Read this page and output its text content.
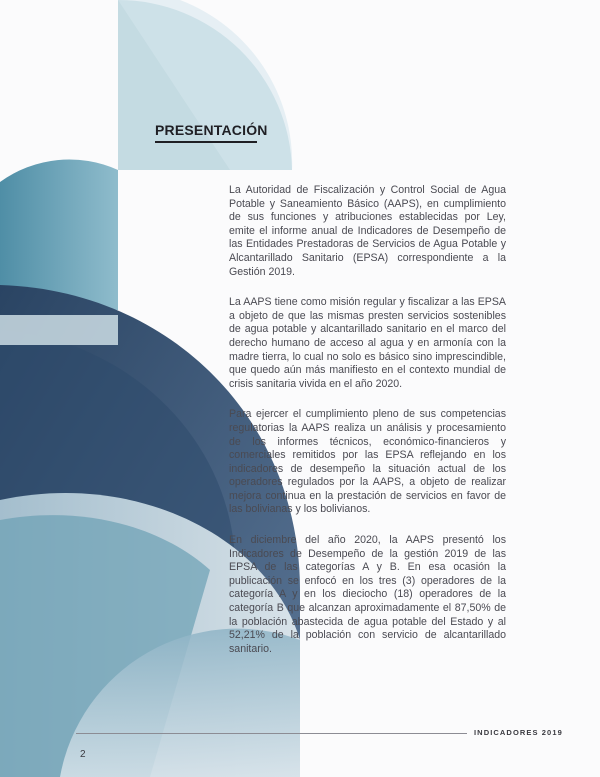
PRESENTACIÓN

La Autoridad de Fiscalización y Control Social de Agua Potable y Saneamiento Básico (AAPS), en cumplimiento de sus funciones y atribuciones establecidas por Ley, emite el informe anual de Indicadores de Desempeño de las Entidades Prestadoras de Servicios de Agua Potable y Alcantarillado Sanitario (EPSA) correspondiente a la Gestión 2019.

La AAPS tiene como misión regular y fiscalizar a las EPSA a objeto de que las mismas presten servicios sostenibles de agua potable y alcantarillado sanitario en el marco del derecho humano de acceso al agua y en armonía con la madre tierra, lo cual no solo es básico sino imprescindible, que quedo aún más manifiesto en el contexto mundial de crisis sanitaria vivida en el año 2020.

Para ejercer el cumplimiento pleno de sus competencias regulatorias la AAPS realiza un análisis y procesamiento de los informes técnicos, económico-financieros y comerciales remitidos por las EPSA reflejando en los indicadores de desempeño la situación actual de los operadores regulados por la AAPS, a objeto de realizar mejora continua en la prestación de servicios en favor de las bolivianas y los bolivianos.

En diciembre del año 2020, la AAPS presentó los Indicadores de Desempeño de la gestión 2019 de las EPSA de las categorías A y B. En esa ocasión la publicación se enfocó en los tres (3) operadores de la categoría A y en los dieciocho (18) operadores de la categoría B que alcanzan aproximadamente el 87,50% de la población abastecida de agua potable del Estado y al 52,21% de la población con servicio de alcantarillado sanitario.

INDICADORES 2019
2
